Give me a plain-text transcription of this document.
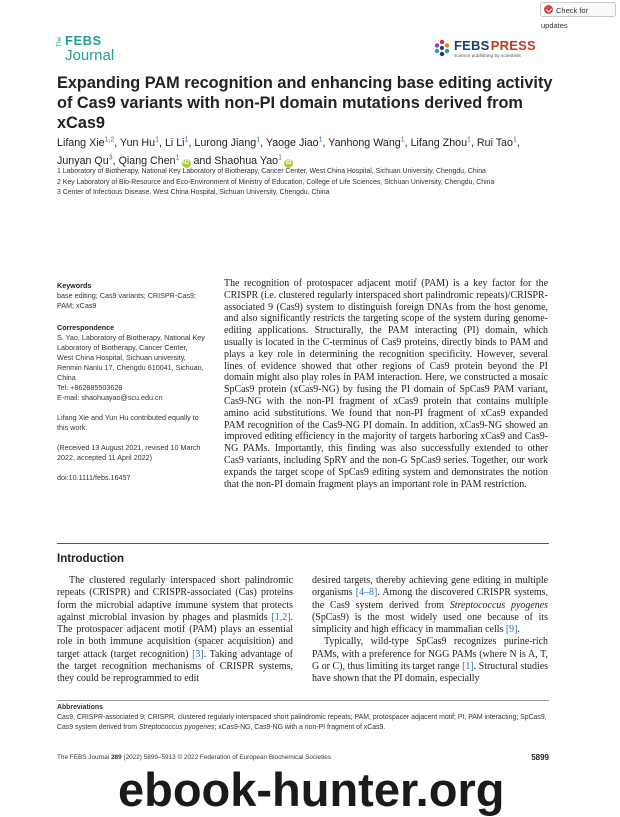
Check for updates
The FEBS
Journal
FEBS PRESS
science publishing by scientists
Expanding PAM recognition and enhancing base editing activity of Cas9 variants with non-PI domain mutations derived from xCas9
Lifang Xie$^{1,2}$, Yun Hu$^1$, Li Li$^1$, Lurong Jiang$^1$, Yaoge Jiao$^1$, Yanhong Wang$^1$, Lifang Zhou$^1$, Rui Tao$^1$, Junyan Qu$^3$, Qiang Chen$^1$iD and Shaohua Yao$^1$iD

1 Laboratory of Biotherapy, National Key Laboratory of Biotherapy, Cancer Center, West China Hospital, Sichuan University, Chengdu, China

2 Key Laboratory of Bio-Resource and Eco-Environment of Ministry of Education, College of Life Sciences, Sichuan University, Chengdu, China

3 Center of Infectious Disease, West China Hospital, Sichuan University, Chengdu, China

Keywords

base editing; Cas9 variants; CRISPR-Cas9; PAM; xCas9

Correspondence

S. Yao, Laboratory of Biotherapy, National Key Laboratory of Biotherapy, Cancer Center, West China Hospital, Sichuan university, Renmin Nanlu 17, Chengdu 610041, Sichuan, China

Tel: +862885503628

E-mail: shaohuayao@scu.edu.cn

Lifang Xie and Yun Hu contributed equally to this work.

(Received 13 August 2021, revised 10 March 2022, accepted 11 April 2022)

doi:10.1111/febs.16457

The recognition of protospacer adjacent motif (PAM) is a key factor for the CRISPR (i.e. clustered regularly interspaced short palindromic repeats)/CRISPR-associated 9 (Cas9) system to distinguish foreign DNAs from the host genome, and also significantly restricts the targeting scope of the system during genome-editing applications. Structurally, the PAM interacting (PI) domain, which usually is located in the C-terminus of Cas9 proteins, directly binds to PAM and plays a key role in determining the recognition specificity. However, several lines of evidence showed that other regions of Cas9 protein beyond the PI domain might also play roles in PAM interaction. Here, we constructed a mosaic SpCas9 protein (xCas9-NG) by fusing the PI domain of SpCas9 PAM variant, Cas9-NG with the non-PI fragment of xCas9 protein that contains multiple amino acid substitutions. We found that non-PI fragment of xCas9 expanded PAM recognition of the Cas9-NG PI domain. In addition, xCas9-NG showed an improved editing efficiency in the majority of targets harboring xCas9 and Cas9-NG PAMs. Importantly, this finding was also successfully extended to other Cas9 variants, including SpRY and the non-G SpCas9 series. Together, our work expands the target scope of SpCas9 editing system and demonstrates the notion that the non-PI domain fragment plays an important role in PAM restriction.

Introduction

The clustered regularly interspaced short palindromic repeats (CRISPR) and CRISPR-associated (Cas) proteins form the microbial adaptive immune system that protects against microbial invasion by phages and plasmids [1,2]. The protospacer adjacent motif (PAM) plays an essential role in both immune acquisition (spacer acquisition) and target attack (target recognition) [3]. Taking advantage of the target recognition mechanisms of CRISPR systems, they could be reprogrammed to edit

desired targets, thereby achieving gene editing in multiple organisms [4–8]. Among the discovered CRISPR systems, the Cas9 system derived from Streptococcus pyogenes (SpCas9) is the most widely used one because of its simplicity and high efficacy in mammalian cells [9].

Typically, wild-type SpCas9 recognizes purine-rich PAMs, with a preference for NGG PAMs (where N is A, T, G or C), thus limiting its target range [1]. Structural studies have shown that the PI domain, especially

Abbreviations

Cas9, CRISPR-associated 9; CRISPR, clustered regularly interspaced short palindromic repeats; PAM, protospacer adjacent motif; PI, PAM interacting; SpCas9, Cas9 system derived from Streptococcus pyogenes; xCas9-NG, Cas9-NG with a non-PI fragment of xCas9.

The FEBS Journal 289 (2022) 5899–5913 © 2022 Federation of European Biochemical Societies	5899
ebook-hunter.org
